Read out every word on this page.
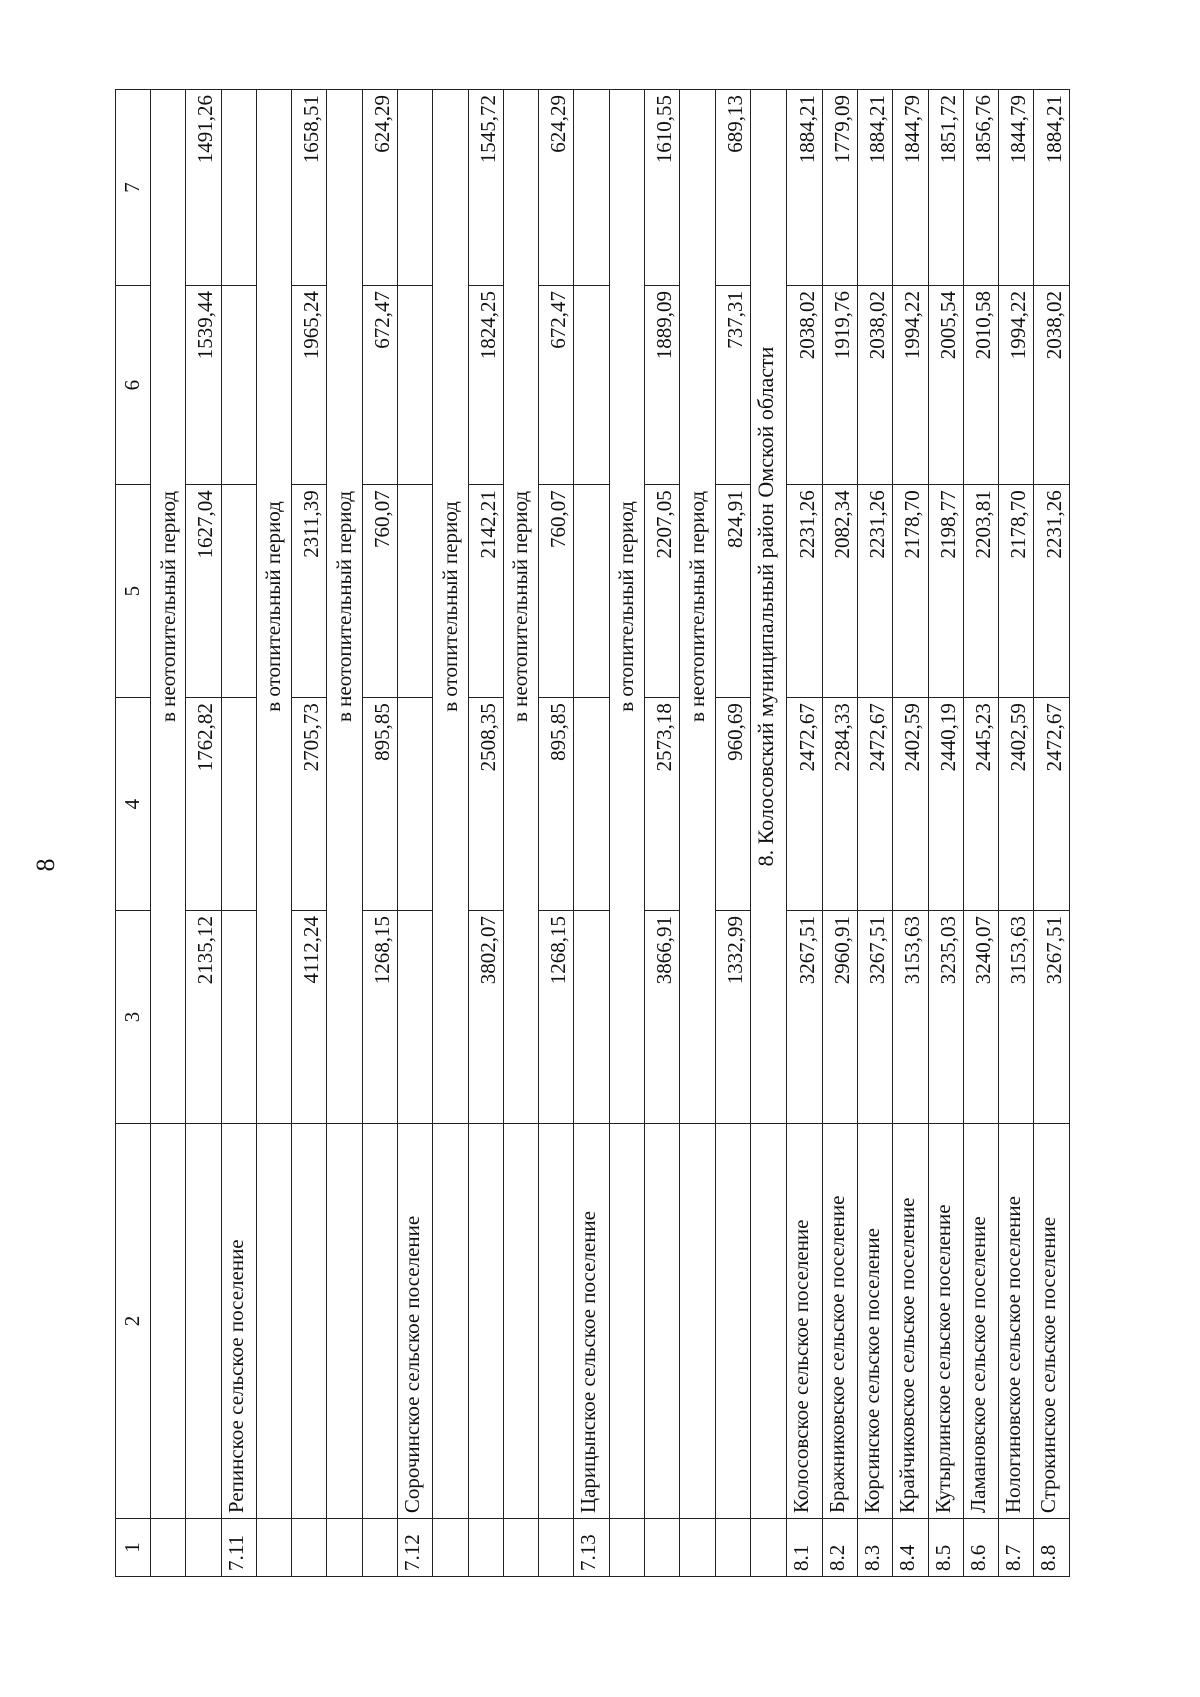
8
1	2	3	4	5	6	7
		в неотопительный период				
		2135,12	1762,82	1627,04	1539,44	1491,26
7.11	Репинское сельское поселение					
		в отопительный период				
		4112,24	2705,73	2311,39	1965,24	1658,51
		в неотопительный период				
		1268,15	895,85	760,07	672,47	624,29
7.12	Сорочинское сельское поселение					
		в отопительный период				
		3802,07	2508,35	2142,21	1824,25	1545,72
		в неотопительный период				
		1268,15	895,85	760,07	672,47	624,29
7.13	Царицынское сельское поселение					
		в отопительный период				
		3866,91	2573,18	2207,05	1889,09	1610,55
		в неотопительный период				
		1332,99	960,69	824,91	737,31	689,13
		8. Колосовский муниципальный район Омской области				
8.1	Колосовское сельское поселение	3267,51	2472,67	2231,26	2038,02	1884,21
8.2	Бражниковское сельское поселение	2960,91	2284,33	2082,34	1919,76	1779,09
8.3	Корсинское сельское поселение	3267,51	2472,67	2231,26	2038,02	1884,21
8.4	Крайчиковское сельское поселение	3153,63	2402,59	2178,70	1994,22	1844,79
8.5	Кутырлинское сельское поселение	3235,03	2440,19	2198,77	2005,54	1851,72
8.6	Ламановское сельское поселение	3240,07	2445,23	2203,81	2010,58	1856,76
8.7	Нологиновское сельское поселение	3153,63	2402,59	2178,70	1994,22	1844,79
8.8	Строкинское сельское поселение	3267,51	2472,67	2231,26	2038,02	1884,21
